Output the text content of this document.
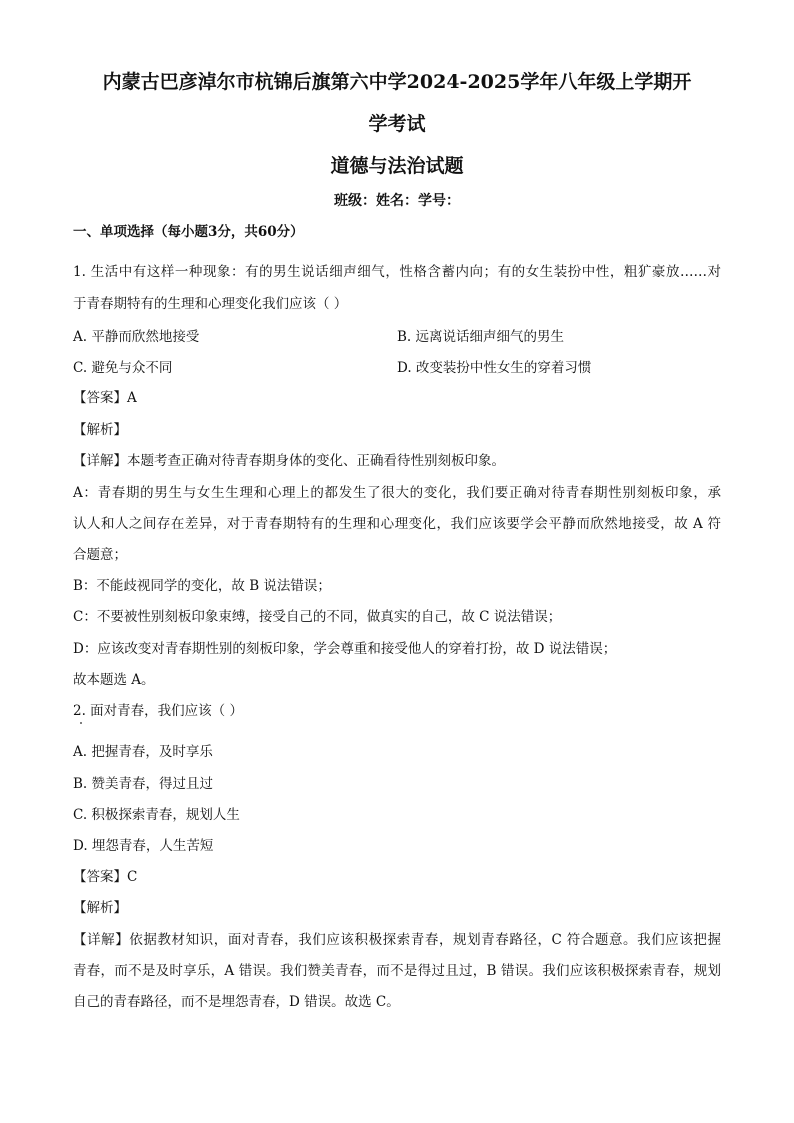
内蒙古巴彦淖尔市杭锦后旗第六中学2024-2025学年八年级上学期开
学考试
道德与法治试题
班级：姓名：学号：
一、单项选择（每小题3分，共60分）
1. 生活中有这样一种现象：有的男生说话细声细气，性格含蓄内向；有的女生装扮中性，粗犷豪放……对
于青春期特有的生理和心理变化我们应该（ ）
A. 平静而欣然地接受	B. 远离说话细声细气的男生
C. 避免与众不同	D. 改变装扮中性女生的穿着习惯
【答案】A
【解析】
【详解】本题考查正确对待青春期身体的变化、正确看待性别刻板印象。
A：青春期的男生与女生生理和心理上的都发生了很大的变化，我们要正确对待青春期性别刻板印象，承
认人和人之间存在差异，对于青春期特有的生理和心理变化，我们应该要学会平静而欣然地接受，故 A 符
合题意；
B：不能歧视同学的变化，故 B 说法错误；
C：不要被性别刻板印象束缚，接受自己的不同，做真实的自己，故 C 说法错误；
D：应该改变对青春期性别的刻板印象，学会尊重和接受他人的穿着打扮，故 D 说法错误；
故本题选 A。
2. 面对青春，我们应该（ ）
A. 把握青春，及时享乐
B. 赞美青春，得过且过
C. 积极探索青春，规划人生
D. 埋怨青春，人生苦短
【答案】C
【解析】
【详解】依据教材知识，面对青春，我们应该积极探索青春，规划青春路径，C 符合题意。我们应该把握
青春，而不是及时享乐，A 错误。我们赞美青春，而不是得过且过，B 错误。我们应该积极探索青春，规划
自己的青春路径，而不是埋怨青春，D 错误。故选 C。
